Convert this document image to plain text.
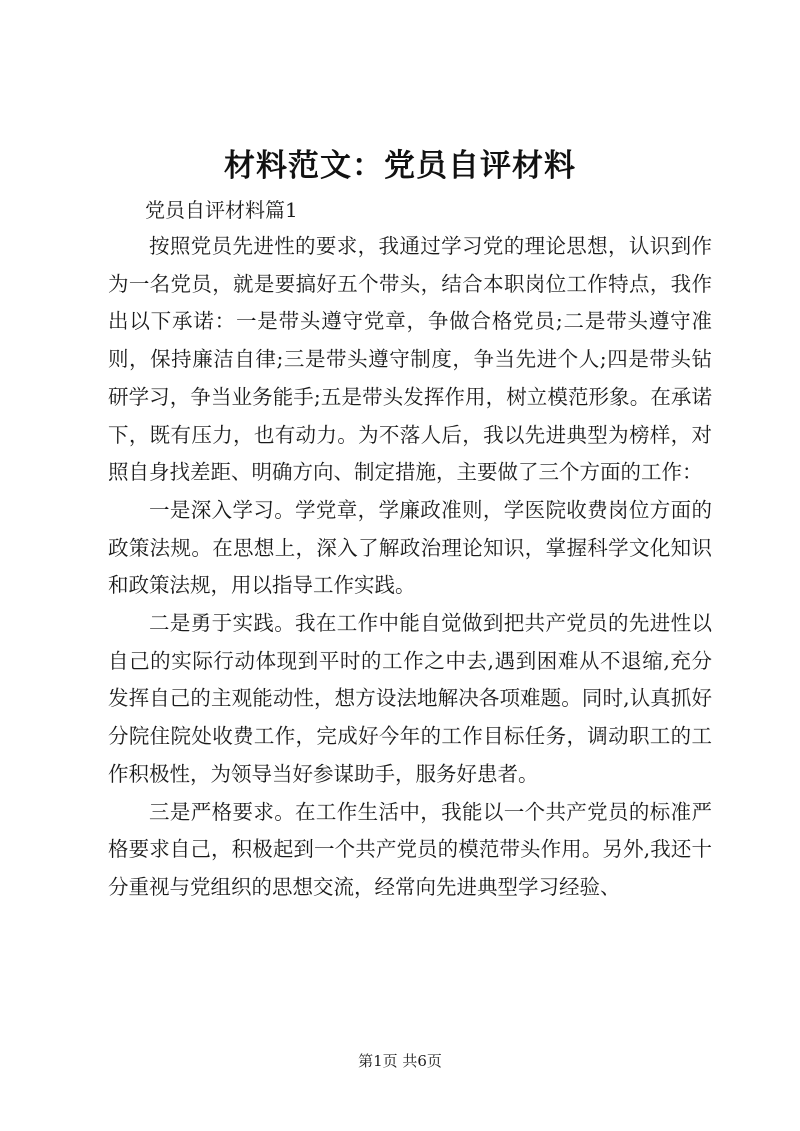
材料范文：党员自评材料
党员自评材料篇1

按照党员先进性的要求，我通过学习党的理论思想，认识到作为一名党员，就是要搞好五个带头，结合本职岗位工作特点，我作出以下承诺：一是带头遵守党章，争做合格党员;二是带头遵守准则，保持廉洁自律;三是带头遵守制度，争当先进个人;四是带头钻研学习，争当业务能手;五是带头发挥作用，树立模范形象。在承诺下，既有压力，也有动力。为不落人后，我以先进典型为榜样，对照自身找差距、明确方向、制定措施，主要做了三个方面的工作：

一是深入学习。学党章，学廉政准则，学医院收费岗位方面的政策法规。在思想上，深入了解政治理论知识，掌握科学文化知识和政策法规，用以指导工作实践。

二是勇于实践。我在工作中能自觉做到把共产党员的先进性以自己的实际行动体现到平时的工作之中去,遇到困难从不退缩,充分发挥自己的主观能动性，想方设法地解决各项难题。同时,认真抓好分院住院处收费工作，完成好今年的工作目标任务，调动职工的工作积极性，为领导当好参谋助手，服务好患者。

三是严格要求。在工作生活中，我能以一个共产党员的标准严格要求自己，积极起到一个共产党员的模范带头作用。另外,我还十分重视与党组织的思想交流，经常向先进典型学习经验、

第1页 共6页
